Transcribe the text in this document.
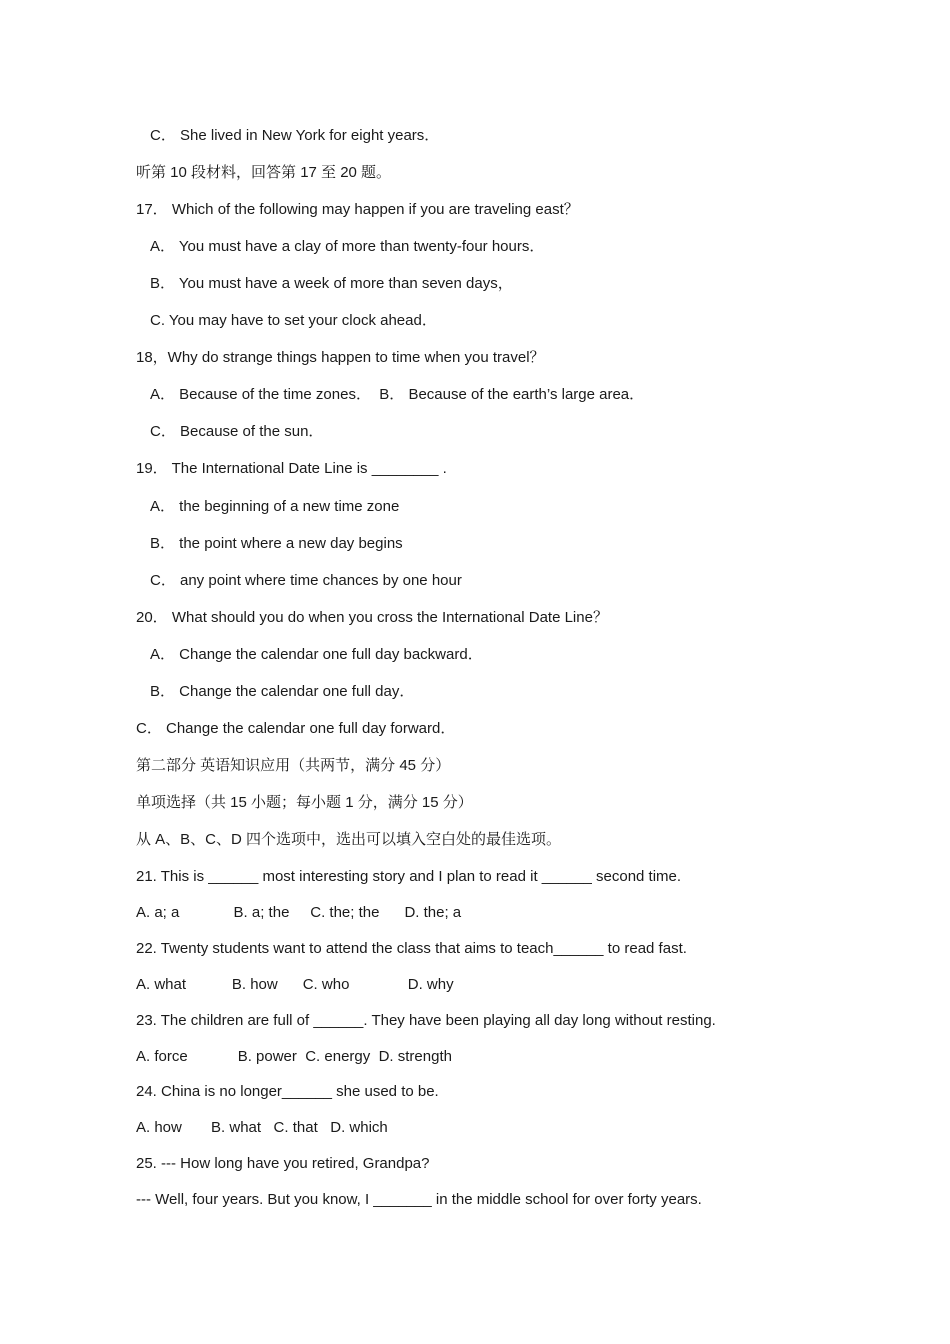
C． She lived in New York for eight years．
听第 10 段材料，回答第 17 至 20 题。
17． Which of the following may happen if you are traveling east？
A． You must have a clay of more than twenty-four hours．
B． You must have a week of more than seven days，
C. You may have to set your clock ahead．
18，Why do strange things happen to time when you travel？
A． Because of the time zones．  B． Because of the earth’s large area．
C． Because of the sun．
19． The International Date Line is ________ .
A． the beginning of a new time zone
B． the point where a new day begins
C． any point where time chances by one hour
20． What should you do when you cross the International Date Line？
A． Change the calendar one full day backward．
B． Change the calendar one full day．
C． Change the calendar one full day forward．
第二部分 英语知识应用（共两节，满分 45 分）
单项选择（共 15 小题；每小题 1 分，满分 15 分）
从 A、B、C、D 四个选项中，选出可以填入空白处的最佳选项。
21. This is ______ most interesting story and I plan to read it ______ second time.
A. a; a             B. a; the     C. the; the      D. the; a
22. Twenty students want to attend the class that aims to teach______ to read fast.
A. what           B. how      C. who              D. why
23. The children are full of ______. They have been playing all day long without resting.
A. force            B. power  C. energy  D. strength
24. China is no longer______ she used to be.
A. how       B. what   C. that   D. which
25. --- How long have you retired, Grandpa?
--- Well, four years. But you know, I _______ in the middle school for over forty years.
